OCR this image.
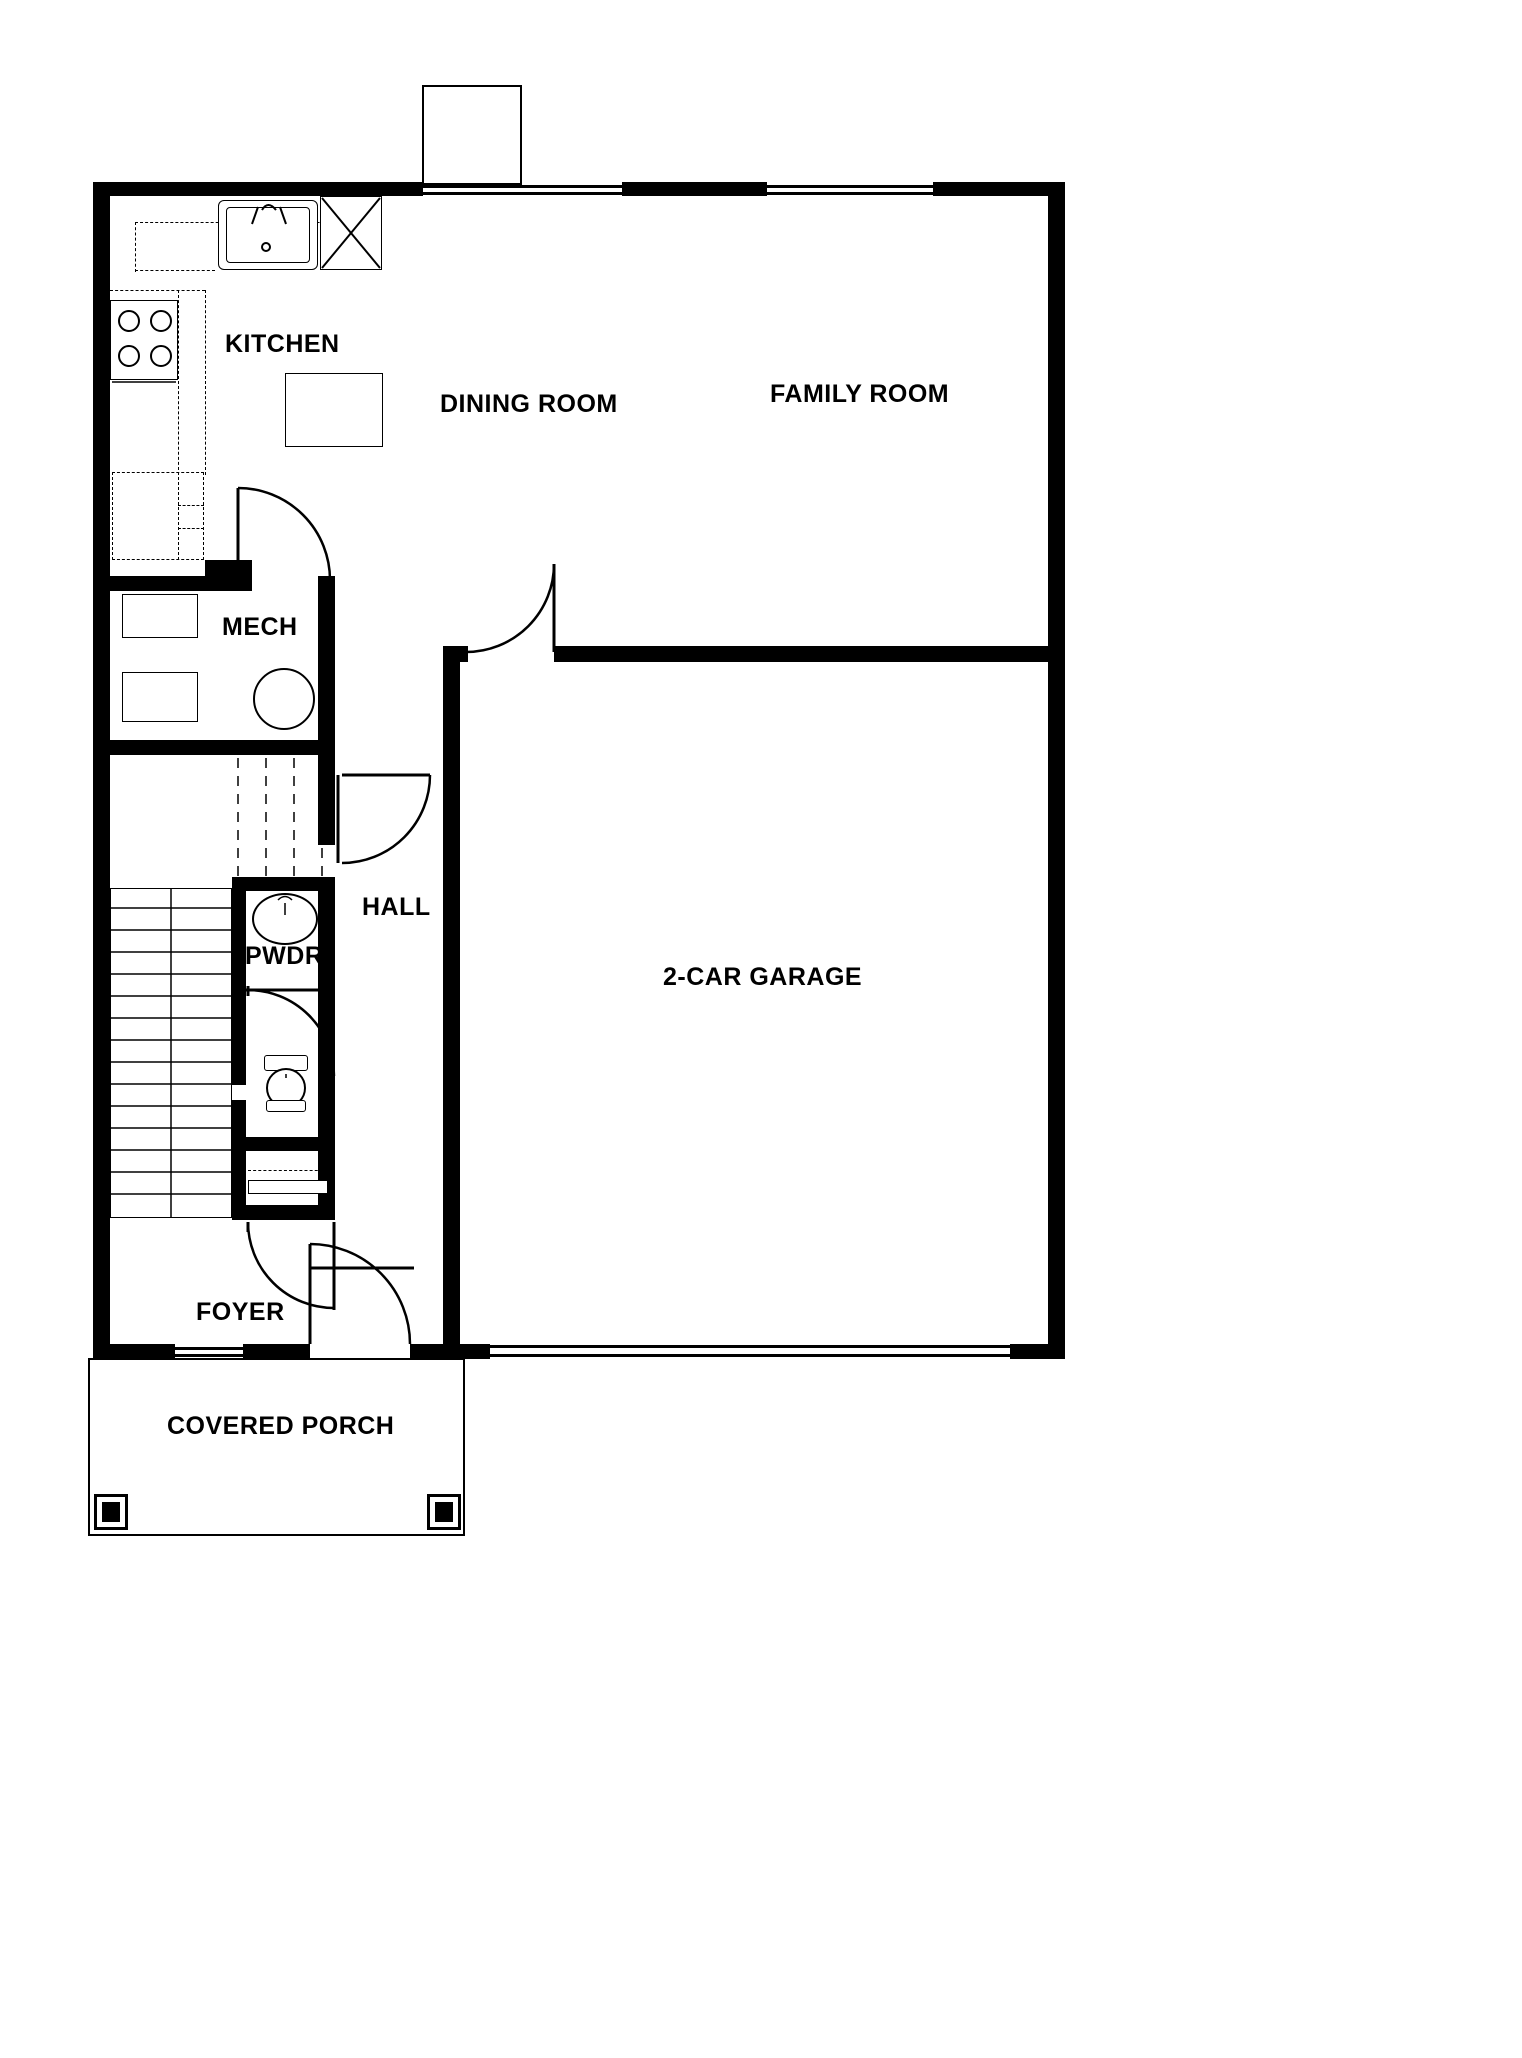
KITCHEN
DINING ROOM	FAMILY ROOM
MECH
HALL
PWDR
2-CAR GARAGE
FOYER
COVERED PORCH
